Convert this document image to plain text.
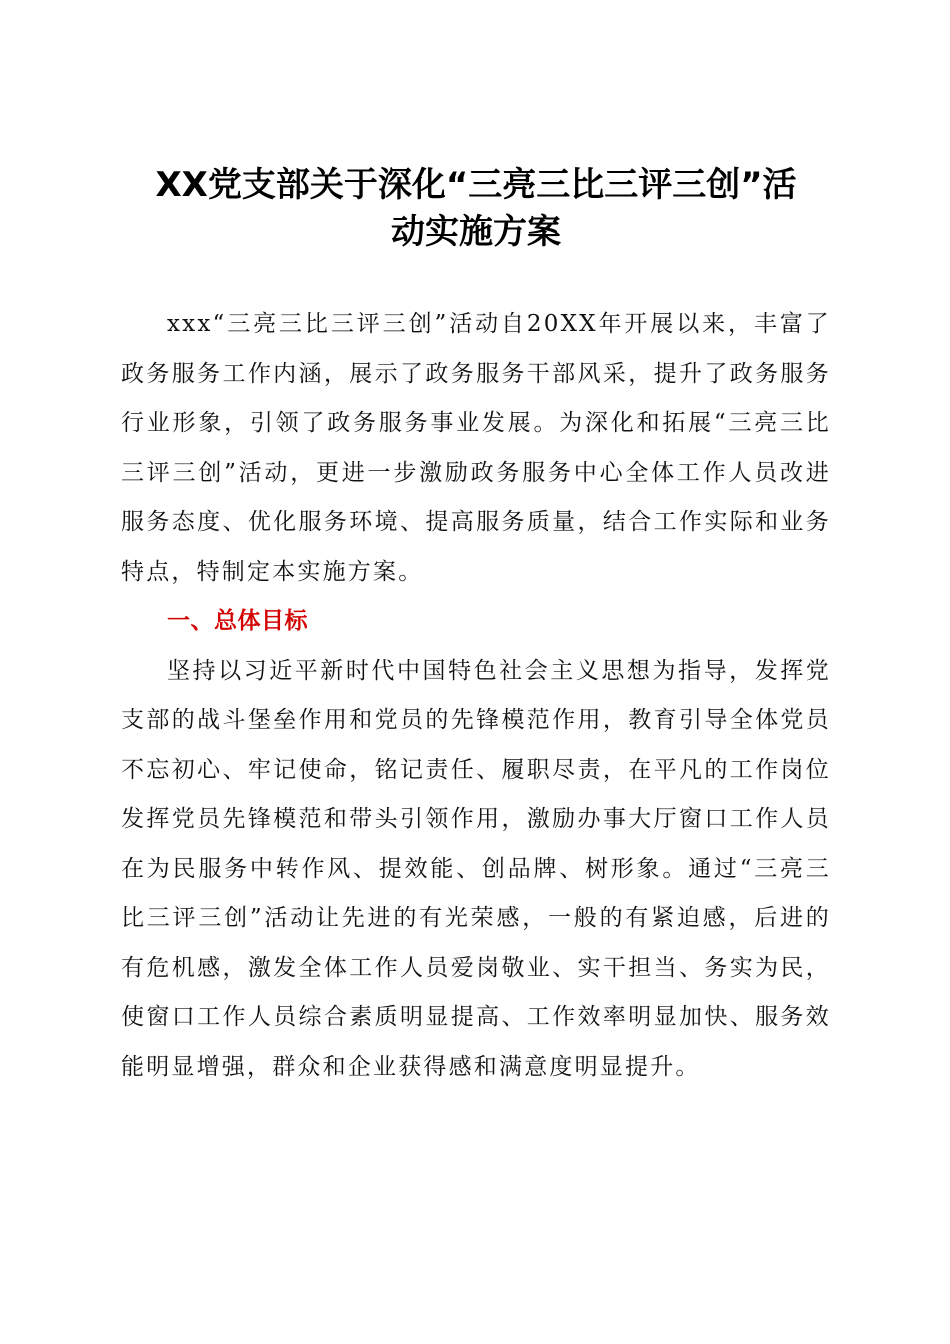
XX党支部关于深化“三亮三比三评三创”活
动实施方案

xxx“三亮三比三评三创”活动自20XX年开展以来，丰富了政务服务工作内涵，展示了政务服务干部风采，提升了政务服务行业形象，引领了政务服务事业发展。为深化和拓展“三亮三比三评三创”活动，更进一步激励政务服务中心全体工作人员改进服务态度、优化服务环境、提高服务质量，结合工作实际和业务特点，特制定本实施方案。

一、总体目标

坚持以习近平新时代中国特色社会主义思想为指导，发挥党支部的战斗堡垒作用和党员的先锋模范作用，教育引导全体党员不忘初心、牢记使命，铭记责任、履职尽责，在平凡的工作岗位发挥党员先锋模范和带头引领作用，激励办事大厅窗口工作人员在为民服务中转作风、提效能、创品牌、树形象。通过“三亮三比三评三创”活动让先进的有光荣感，一般的有紧迫感，后进的有危机感，激发全体工作人员爱岗敬业、实干担当、务实为民，使窗口工作人员综合素质明显提高、工作效率明显加快、服务效能明显增强，群众和企业获得感和满意度明显提升。
